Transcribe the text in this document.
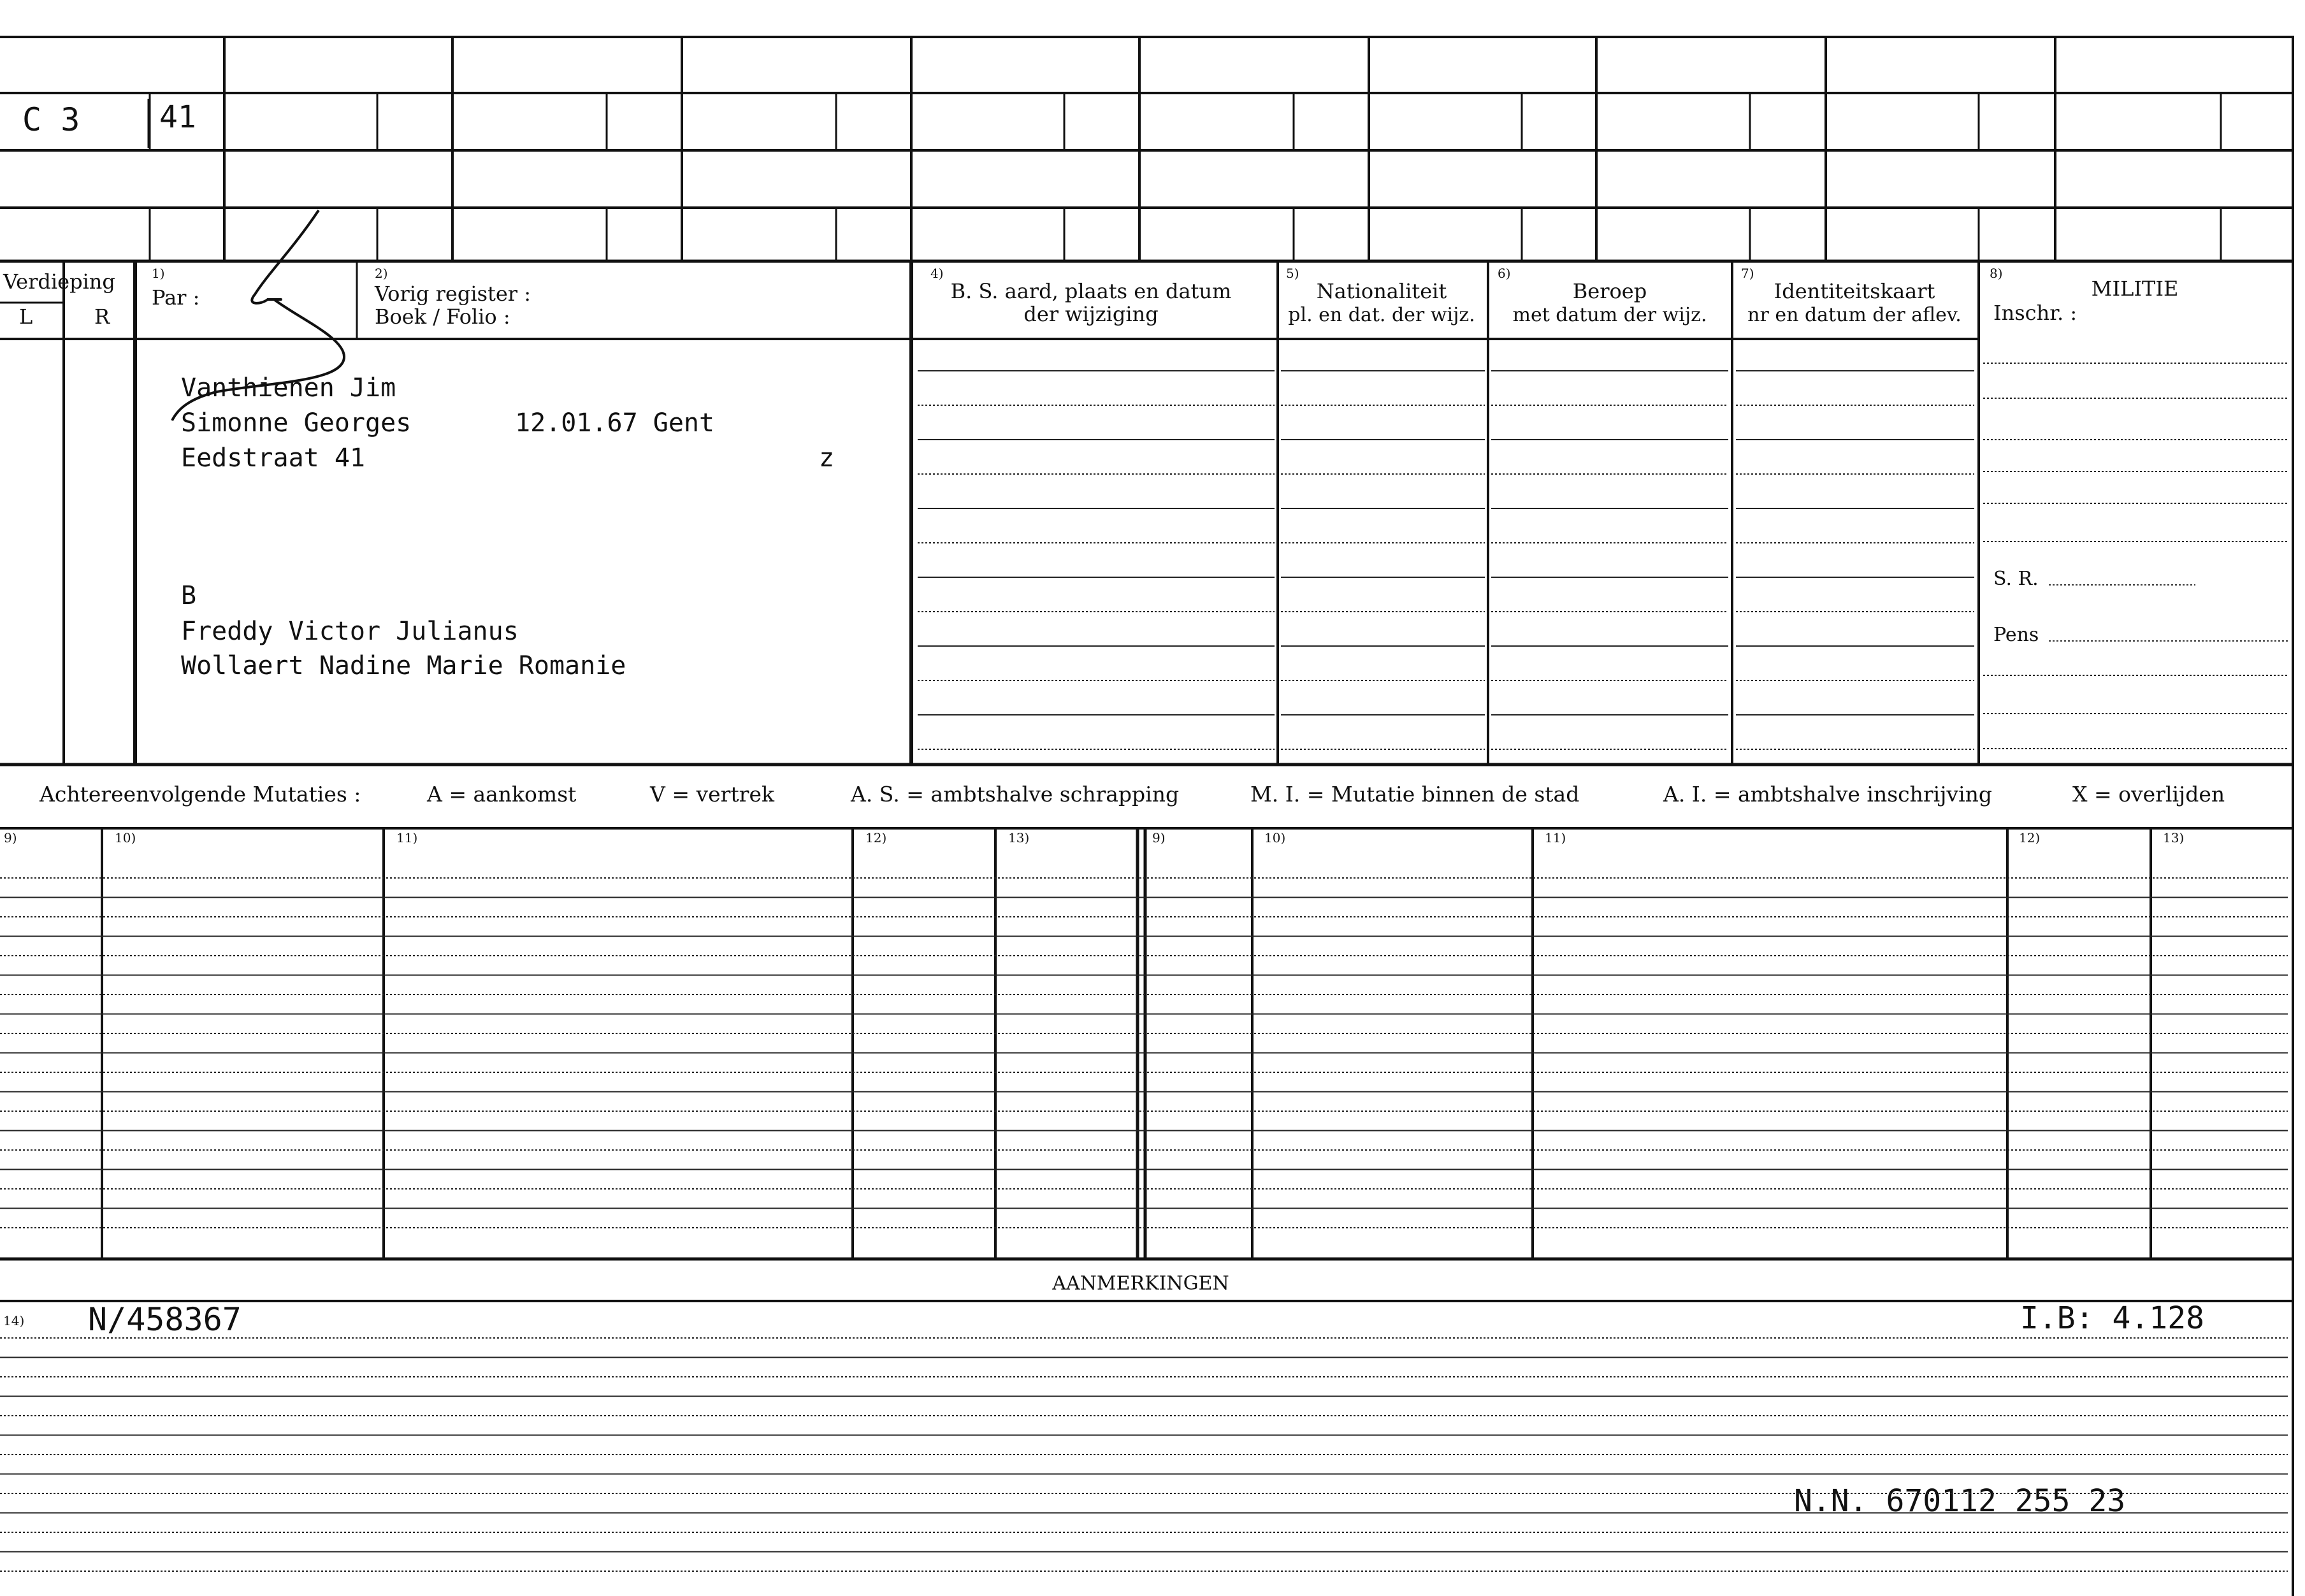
C 3	41
Verdieping
L	R
1)
Par :
2)
Vorig register :
Boek / Folio :
4)
B. S. aard, plaats en datum
der wijziging
5)
Nationaliteit
pl. en dat. der wijz.
6)
Beroep
met datum der wijz.
7)
Identiteitskaart
nr en datum der aflev.
8)
MILITIE
Inschr. :
S. R.
Pens
Vanthienen Jim
Simonne Georges	12.01.67 Gent
Eedstraat 41	z
B
Freddy Victor Julianus
Wollaert Nadine Marie Romanie
Achtereenvolgende Mutaties :	A = aankomst	V = vertrek	A. S. = ambtshalve schrapping	M. I. = Mutatie binnen de stad	A. I. = ambtshalve inschrijving	X = overlijden
9)	10)	11)	12)	13)	9)	10)	11)	12)	13)
AANMERKINGEN
14) N/458367	I.B: 4.128
N.N. 670112 255 23
